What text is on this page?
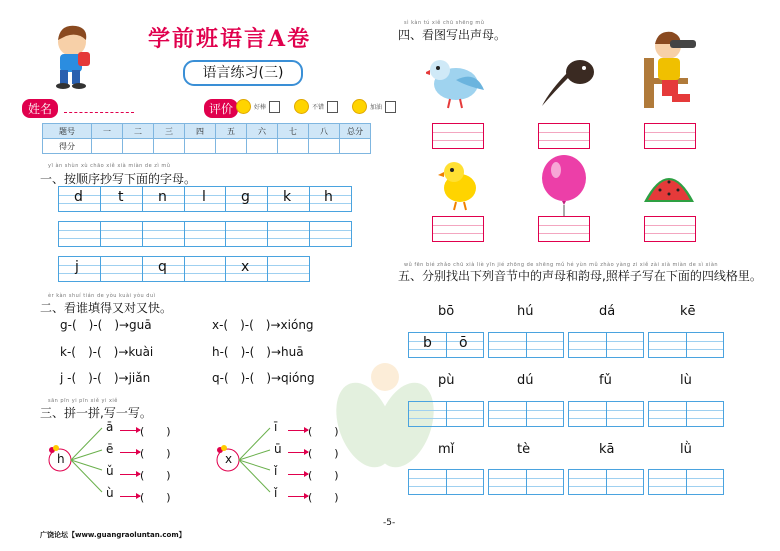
学前班语言A卷
语言练习(三)
姓名	评价	好棒	不错	加油
题号	一	二	三	四	五	六	七	八	总分
得分									
yī àn shùn xù chāo xiě xià miàn de zì mǔ
一、按顺序抄写下面的字母。
d	t n	l	g k h
j	q	x
èr kàn shuí tián de yòu kuài yòu duì
二、看谁填得又对又快。
g-(　)-(　)→guā	x-(　)-(　)→xióng
k-(　)-(　)→kuài	h-(　)-(　)→huā
j -(　)-(　)→jiǎn	q-(　)-(　)→qióng
sān pīn yi pīn xiě yi xiě
三、拼一拼,写一写。
h
ā
ē
ǔ
ù
(　　)
(　　)
(　　)
(　　)
x
ī
ū
ǐ
ǐ
(　　)
(　　)
(　　)
(　　)
sì kàn tú xiě chū shēng mǔ
四、看图写出声母。
wǔ fēn bié zhǎo chū xià liè yīn jié zhōng de shēng mǔ hé yùn mǔ zhào yàng zi xiě zài xià miàn de sì xiàn
五、分别找出下列音节中的声母和韵母,照样子写在下面的四线格里。
bō	hú	dá	kē
b ō
pù	dú	fǔ	lù
mǐ	tè	kā	lǜ
-5-
广饶论坛【www.guangraoluntan.com】
